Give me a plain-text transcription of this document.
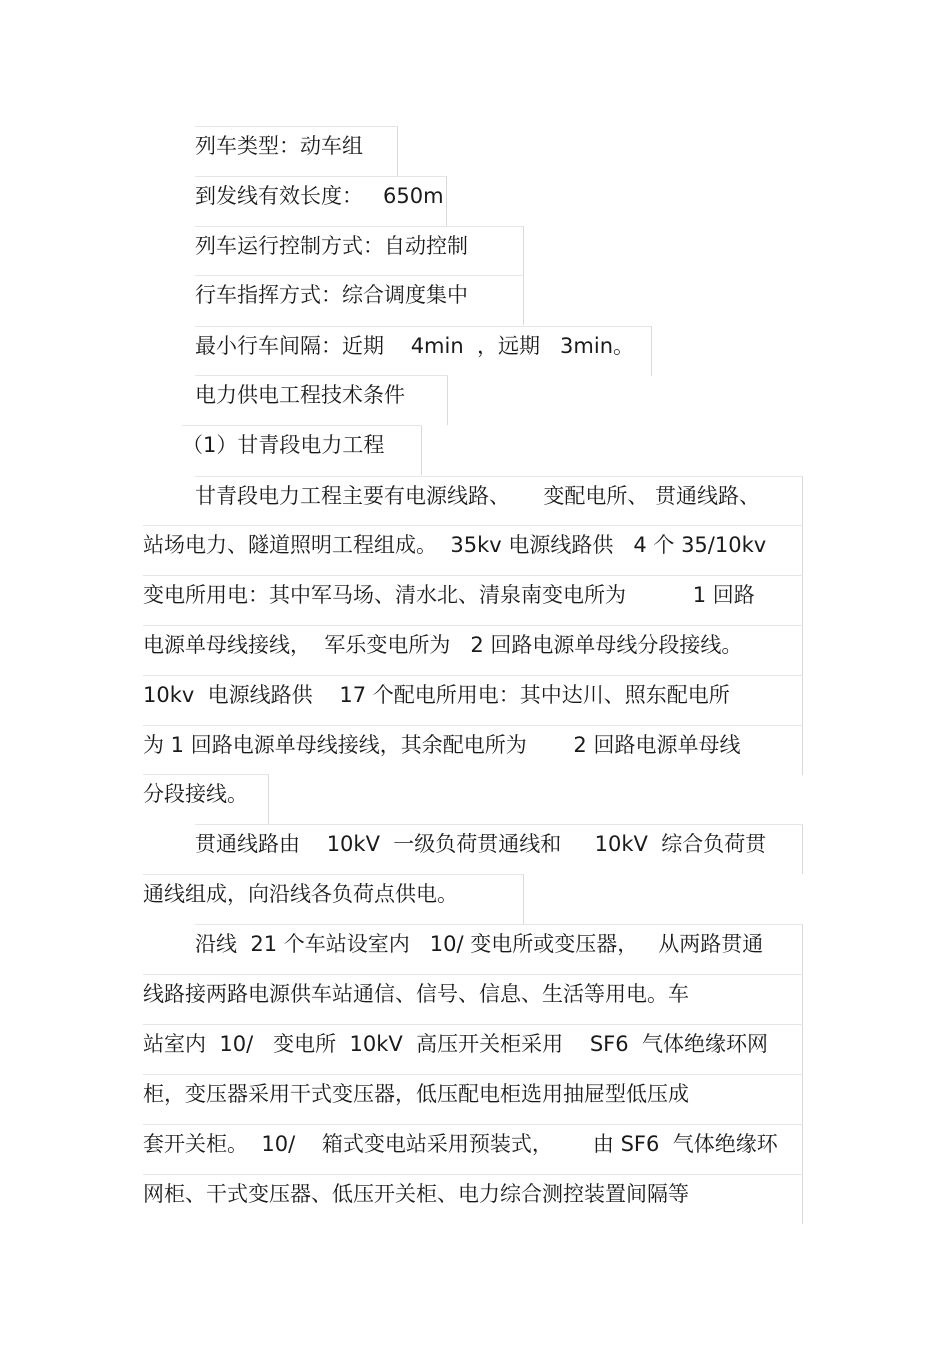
列车类型：动车组
到发线有效长度：   650m
列车运行控制方式：自动控制
行车指挥方式：综合调度集中
最小行车间隔：近期    4min  ，远期   3min。
电力供电工程技术条件
（1）甘青段电力工程
甘青段电力工程主要有电源线路、     变配电所、 贯通线路、
站场电力、隧道照明工程组成。  35kv 电源线路供   4 个 35/10kv
变电所用电：其中军马场、清水北、清泉南变电所为          1 回路
电源单母线接线，  军乐变电所为   2 回路电源单母线分段接线。
10kv  电源线路供    17 个配电所用电：其中达川、照东配电所
为 1 回路电源单母线接线，其余配电所为       2 回路电源单母线
分段接线。
贯通线路由    10kV  一级负荷贯通线和     10kV  综合负荷贯
通线组成，向沿线各负荷点供电。
沿线  21 个车站设室内   10/ 变电所或变压器，   从两路贯通
线路接两路电源供车站通信、信号、信息、生活等用电。车
站室内  10/   变电所  10kV  高压开关柜采用    SF6  气体绝缘环网
柜，变压器采用干式变压器，低压配电柜选用抽屉型低压成
套开关柜。  10/    箱式变电站采用预装式，      由 SF6  气体绝缘环
网柜、干式变压器、低压开关柜、电力综合测控装置间隔等
